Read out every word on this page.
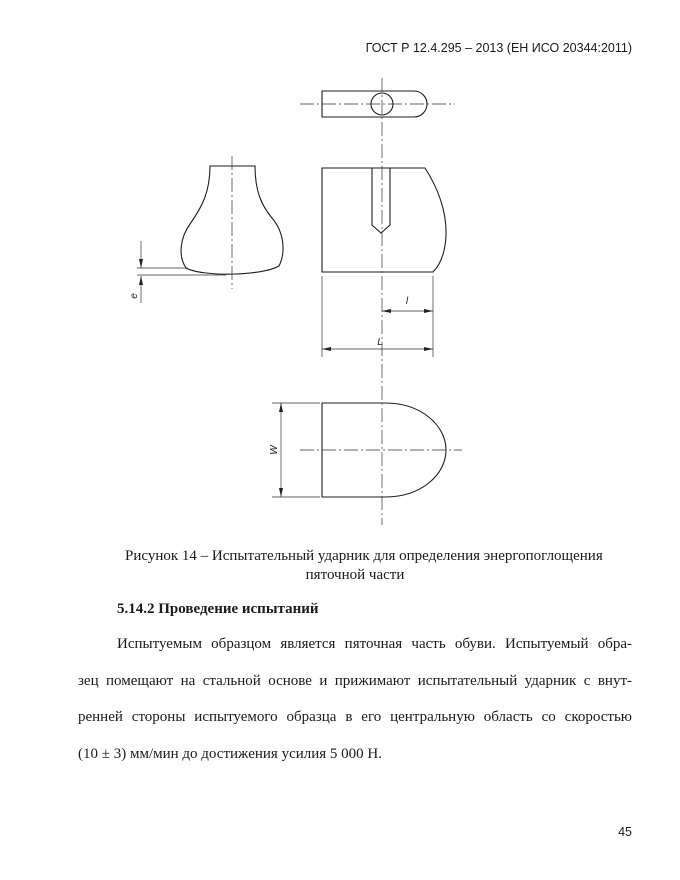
ГОСТ Р 12.4.295 – 2013 (ЕН ИСО 20344:2011)
e	l
L
W
Рисунок 14 – Испытательный ударник для определения энергопоглощения
пяточной части
5.14.2 Проведение испытаний
Испытуемым образцом является пяточная часть обуви. Испытуемый обра-
зец помещают на стальной основе и прижимают испытательный ударник с внут-
ренней стороны испытуемого образца в его центральную область со скоростью
(10 ± 3) мм/мин до достижения усилия 5 000 Н.
45
